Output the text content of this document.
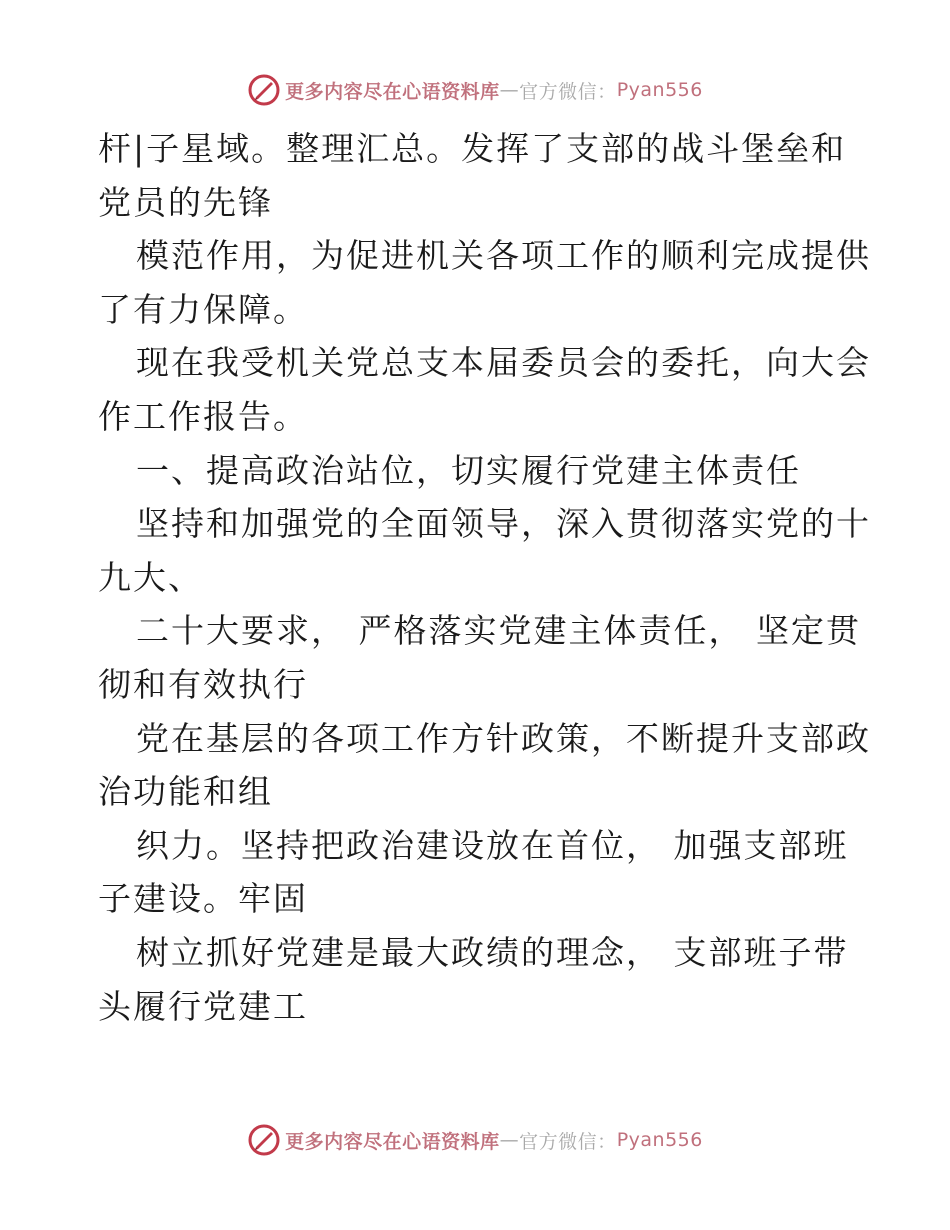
更多内容尽在心语资料库 — 官方微信： Pyan556
杆|子星域。整理汇总。发挥了支部的战斗堡垒和
党员的先锋
模范作用，为促进机关各项工作的顺利完成提供
了有力保障。
现在我受机关党总支本届委员会的委托，向大会
作工作报告。
一、提高政治站位，切实履行党建主体责任
坚持和加强党的全面领导，深入贯彻落实党的十
九大、
二十大要求， 严格落实党建主体责任， 坚定贯
彻和有效执行
党在基层的各项工作方针政策，不断提升支部政
治功能和组
织力。坚持把政治建设放在首位， 加强支部班
子建设。牢固
树立抓好党建是最大政绩的理念， 支部班子带
头履行党建工
更多内容尽在心语资料库 — 官方微信： Pyan556
